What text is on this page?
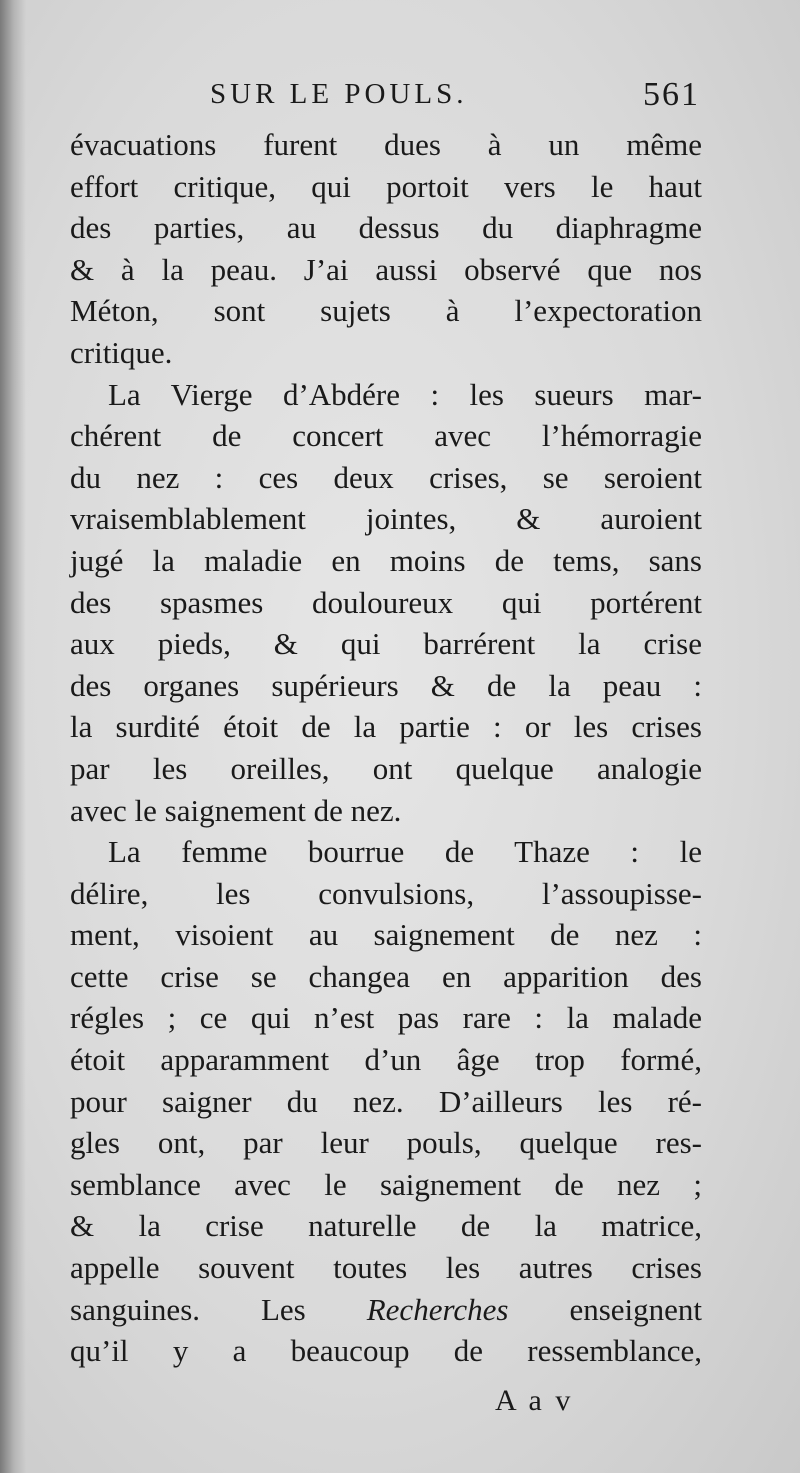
SUR LE POULS.	561
évacuations furent dues à un même
effort critique, qui portoit vers le haut
des parties, au dessus du diaphragme
& à la peau. J’ai aussi observé que nos
Méton, sont sujets à l’expectoration
critique.
La Vierge d’Abdére : les sueurs mar-
chérent de concert avec l’hémorragie
du nez : ces deux crises, se seroient
vraisemblablement jointes, & auroient
jugé la maladie en moins de tems, sans
des spasmes douloureux qui portérent
aux pieds, & qui barrérent la crise
des organes supérieurs & de la peau :
la surdité étoit de la partie : or les crises
par les oreilles, ont quelque analogie
avec le saignement de nez.
La femme bourrue de Thaze : le
délire, les convulsions, l’assoupisse-
ment, visoient au saignement de nez :
cette crise se changea en apparition des
régles ; ce qui n’est pas rare : la malade
étoit apparamment d’un âge trop formé,
pour saigner du nez. D’ailleurs les ré-
gles ont, par leur pouls, quelque res-
semblance avec le saignement de nez ;
& la crise naturelle de la matrice,
appelle souvent toutes les autres crises
sanguines. Les Recherches enseignent
qu’il y a beaucoup de ressemblance,
A a v
